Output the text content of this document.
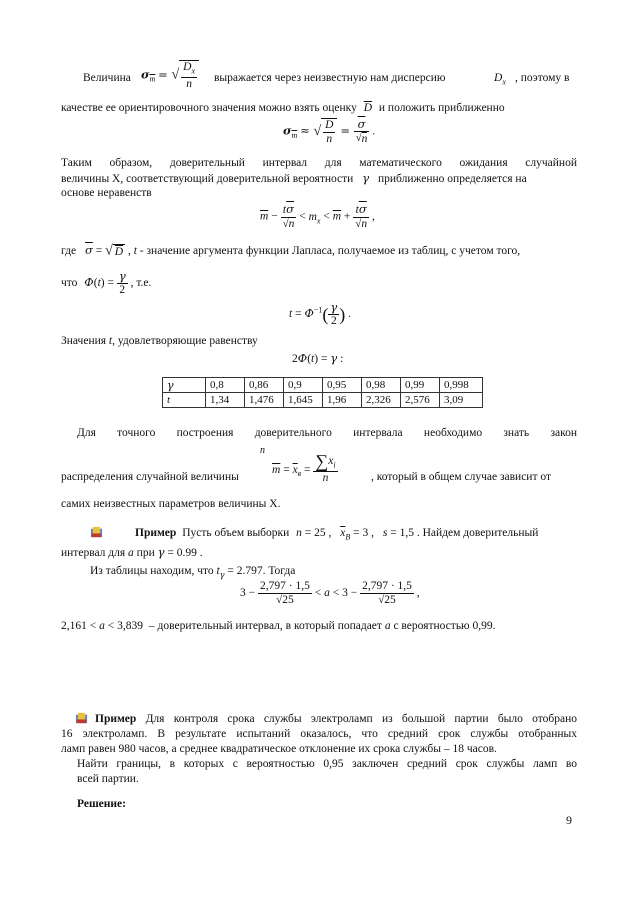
Величина $\sigma_{\overline{m}}$ = √ $\frac{D_x}{n}$ выражается через неизвестную нам дисперсию	$D_x$ , поэтому в
качестве ее ориентировочного значения можно взять оценку $\overline{D}$ и положить приближенно
$\sigma_{\overline{m}}$ ≈ √ $\frac{D}{n} = \frac{\overline{\sigma}}{√n}$ .
Таким образом, доверительный интервал для математического ожидания случайной
величины X, соответствующий доверительной вероятности γ приближенно определяется на
основе неравенств
$\overline{m} - \frac{t\overline{\sigma}}{√n} < m_x < \overline{m} + \frac{t\overline{\sigma}}{√n}$ ,
где $\overline{\sigma}$ = √ D , t - значение аргумента функции Лапласа, получаемое из таблиц, с учетом того,
что $\Phi(t) = \frac{\gamma}{2}$ , т.е.
$t = \Phi^{-1}( \frac{\gamma}{2}$ ) .
Значения t, удовлетворяющие равенству
2Φ(t) = γ :
γ	0,8	0,86	0,9	0,95	0,98	0,99	0,998
t	1,34	1,476	1,645	1,96	2,326	2,576	3,09
Для точного построения доверительного интервала необходимо знать закон
n
распределения случайной величины
$\overline{m} = \overline{x}_в = \frac{\sum x_i}{n}$	, который в общем случае зависит от
самих неизвестных параметров величины X.
Пример Пусть объем выборки n = 25 , $\overline{x}_B = 3$ , s = 1,5 . Найдем доверительный
интервал для a при γ = 0.99 .
Из таблицы находим, что $t_\gamma = 2.797$. Тогда
$3 - \frac{2,797 \cdot 1,5}{√25} < a < 3 - \frac{2,797 \cdot 1,5}{√25}$ ,
2,161 < a < 3,839 – доверительный интервал, в который попадает a с вероятностью 0,99.
Пример Для контроля срока службы электроламп из большой партии было отобрано
16 электроламп. В результате испытаний оказалось, что средний срок службы отобранных
ламп равен 980 часов, а среднее квадратическое отклонение их срока службы – 18 часов.
Найти границы, в которых с вероятностью 0,95 заключен средний срок службы ламп во
всей партии.
Решение:
9
